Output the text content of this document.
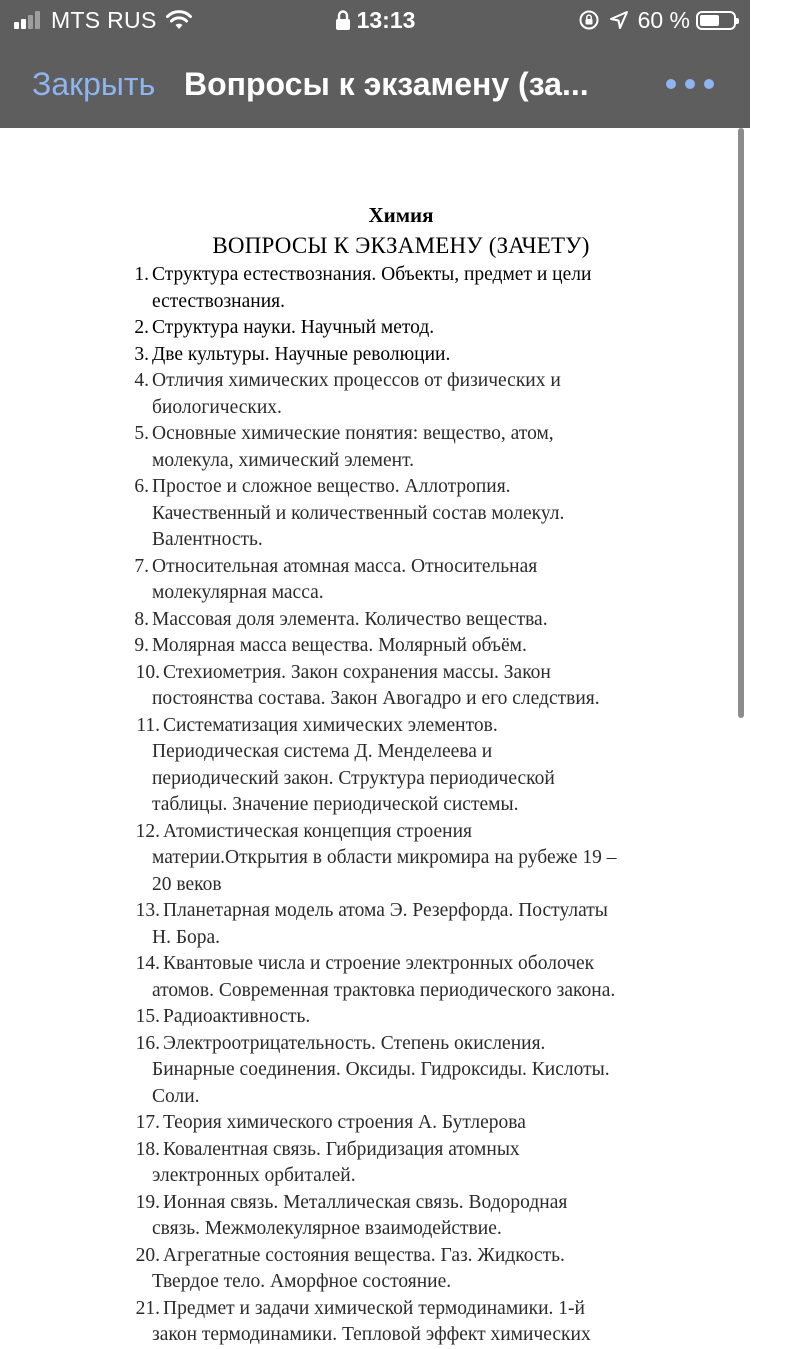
MTS RUS	13:13	60 %
Закрыть Вопросы к экзамену (за...
Химия
ВОПРОСЫ К ЭКЗАМЕНУ (ЗАЧЕТУ)
1. Структура естествознания. Объекты, предмет и цели
естествознания.
2. Структура науки. Научный метод.
3. Две культуры. Научные революции.
4. Отличия химических процессов от физических и
биологических.
5. Основные химические понятия: вещество, атом,
молекула, химический элемент.
6. Простое и сложное вещество. Аллотропия.
Качественный и количественный состав молекул.
Валентность.
7. Относительная атомная масса. Относительная
молекулярная масса.
8. Массовая доля элемента. Количество вещества.
9. Молярная масса вещества. Молярный объём.
10. Стехиометрия. Закон сохранения массы. Закон
постоянства состава. Закон Авогадро и его следствия.
11. Систематизация химических элементов.
Периодическая система Д. Менделеева и
периодический закон. Структура периодической
таблицы. Значение периодической системы.
12. Атомистическая концепция строения
материи.Открытия в области микромира на рубеже 19 –
20 веков
13. Планетарная модель атома Э. Резерфорда. Постулаты
Н. Бора.
14. Квантовые числа и строение электронных оболочек
атомов. Современная трактовка периодического закона.
15. Радиоактивность.
16. Электроотрицательность. Степень окисления.
Бинарные соединения. Оксиды. Гидроксиды. Кислоты.
Соли.
17. Теория химического строения А. Бутлерова
18. Ковалентная связь. Гибридизация атомных
электронных орбиталей.
19. Ионная связь. Металлическая связь. Водородная
связь. Межмолекулярное взаимодействие.
20. Агрегатные состояния вещества. Газ. Жидкость.
Твердое тело. Аморфное состояние.
21. Предмет и задачи химической термодинамики. 1-й
закон термодинамики. Тепловой эффект химических
